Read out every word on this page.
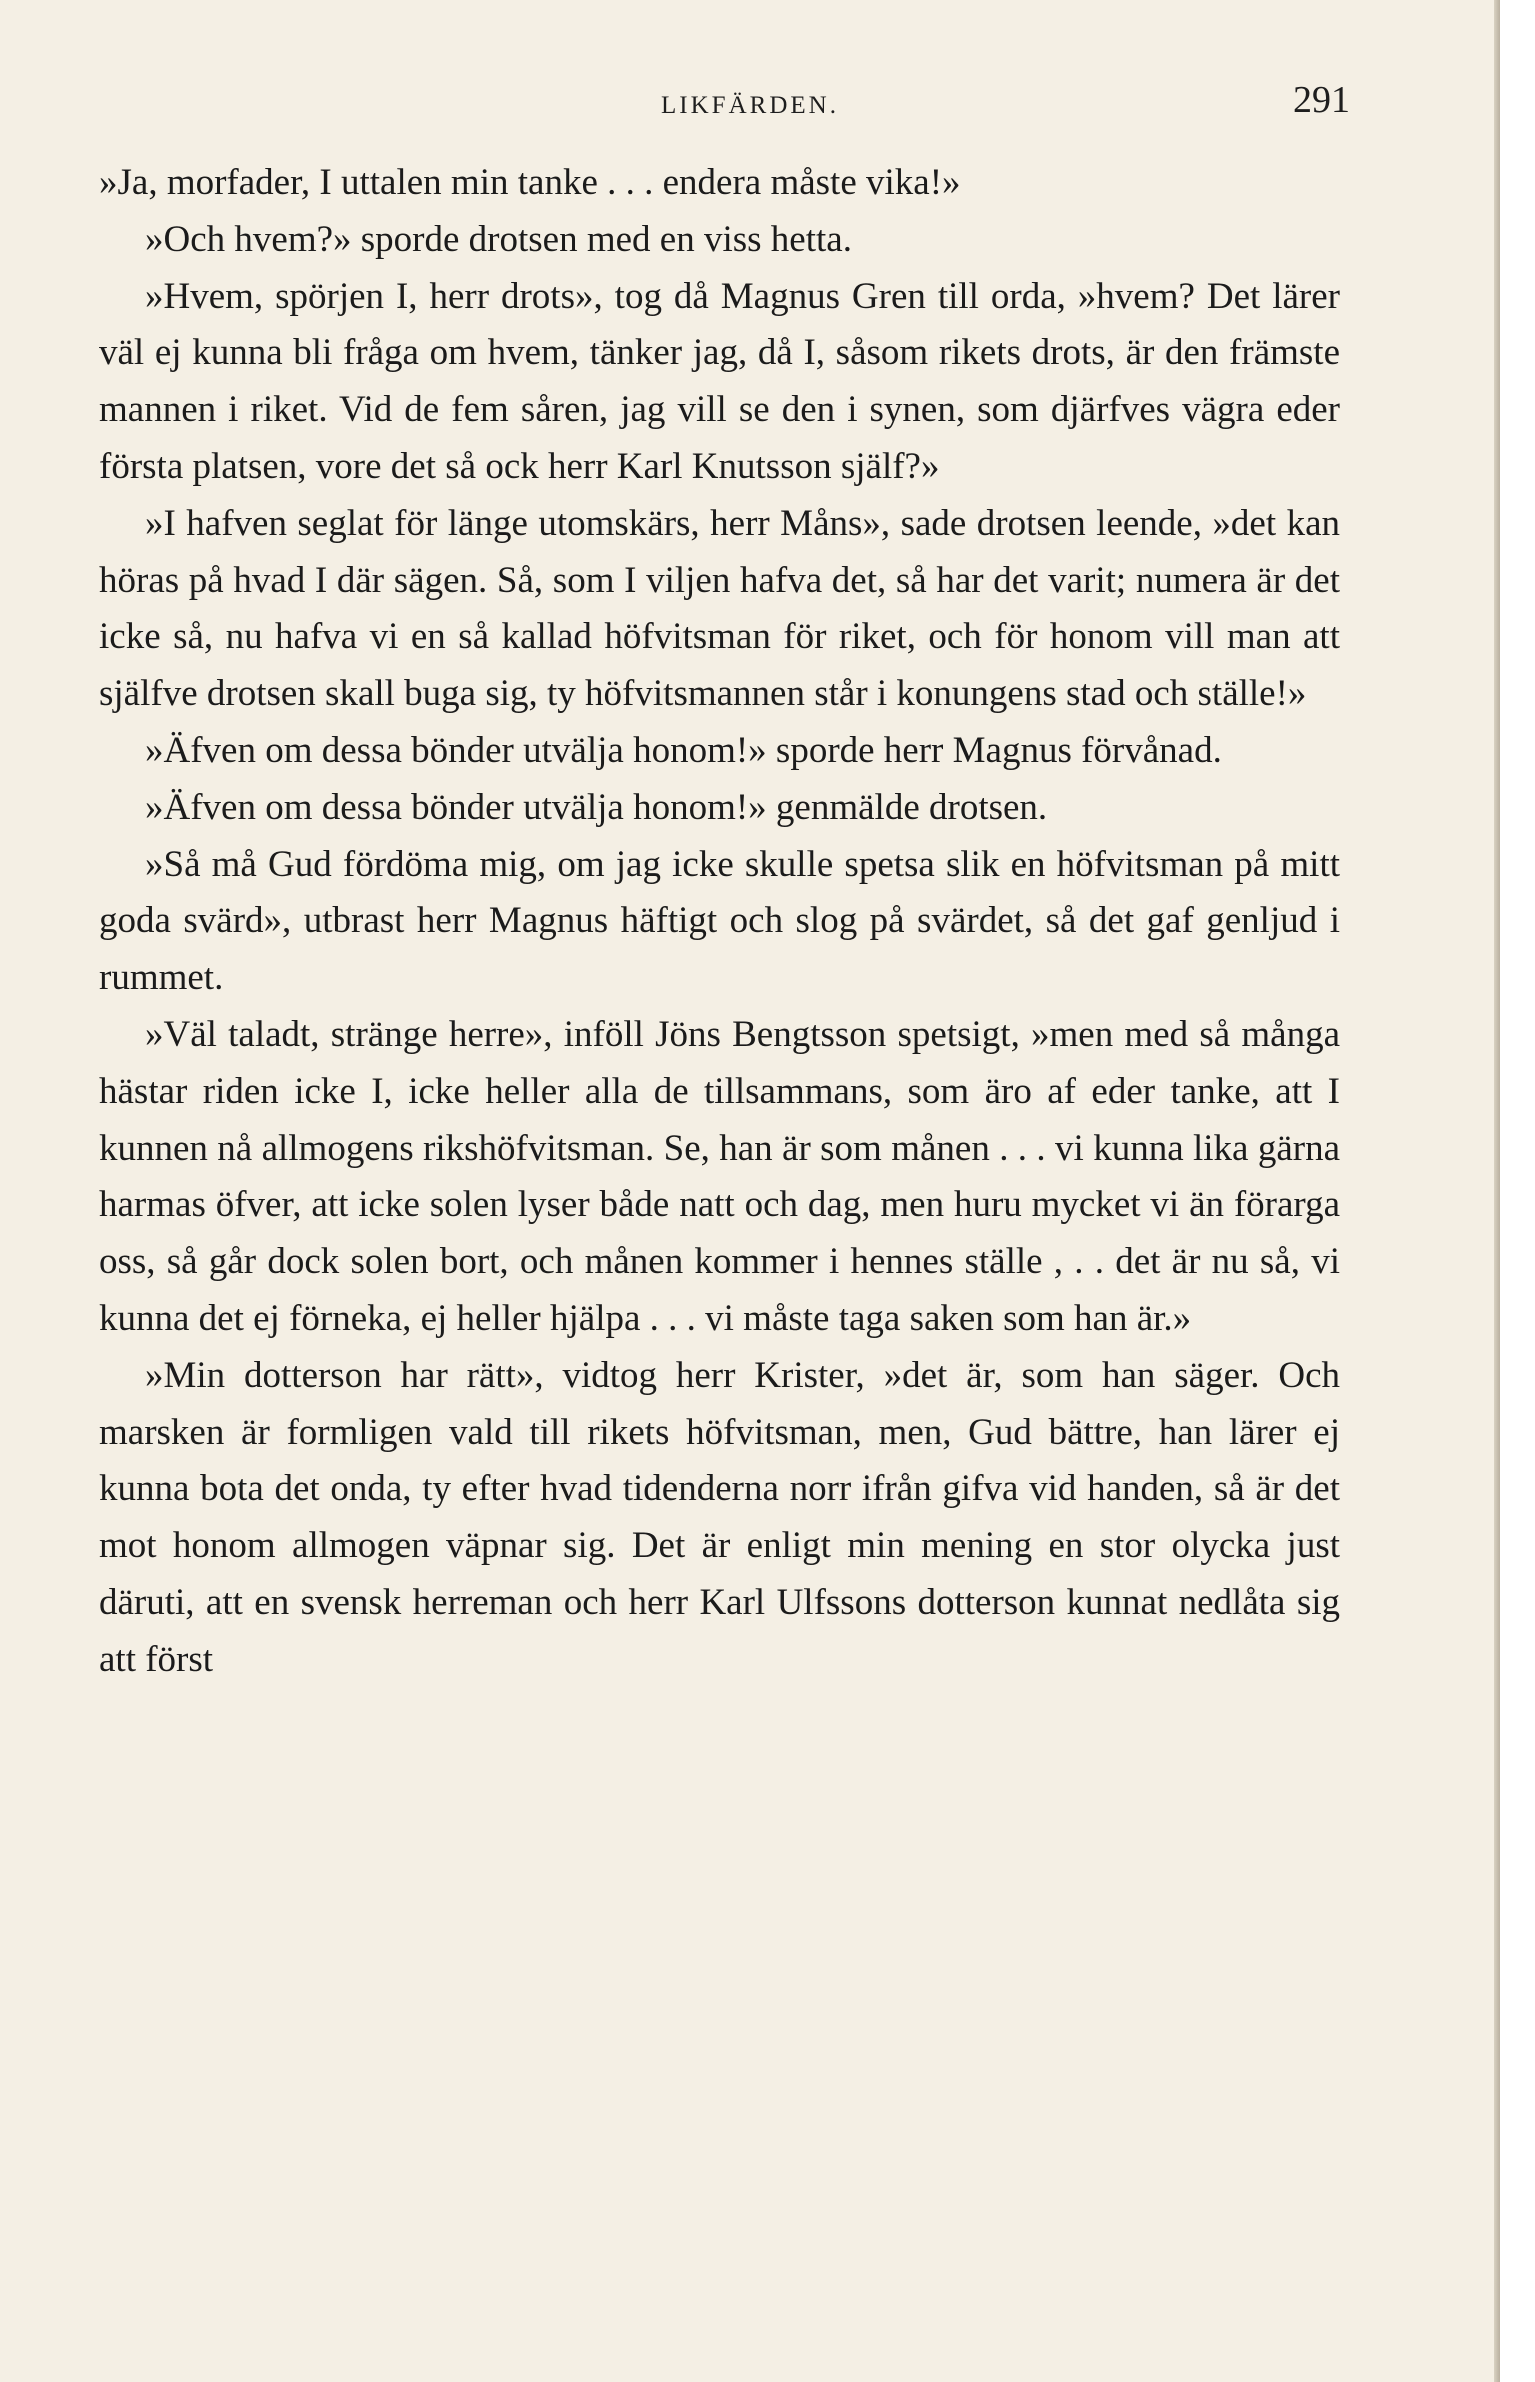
LIKFÄRDEN.	291

»Ja, morfader, I uttalen min tanke . . . endera måste vika!»

»Och hvem?» sporde drotsen med en viss hetta.

»Hvem, spörjen I, herr drots», tog då Magnus Gren till orda, »hvem? Det lärer väl ej kunna bli fråga om hvem, tänker jag, då I, såsom rikets drots, är den främste mannen i riket. Vid de fem såren, jag vill se den i synen, som djärfves vägra eder första platsen, vore det så ock herr Karl Knutsson själf?»

»I hafven seglat för länge utomskärs, herr Måns», sade drotsen leende, »det kan höras på hvad I där sägen. Så, som I viljen hafva det, så har det varit; numera är det icke så, nu hafva vi en så kallad höfvitsman för riket, och för honom vill man att själfve drotsen skall buga sig, ty höfvitsmannen står i konungens stad och ställe!»

»Äfven om dessa bönder utvälja honom!» sporde herr Magnus förvånad.

»Äfven om dessa bönder utvälja honom!» genmälde drotsen.

»Så må Gud fördöma mig, om jag icke skulle spetsa slik en höfvitsman på mitt goda svärd», utbrast herr Magnus häftigt och slog på svärdet, så det gaf genljud i rummet.

»Väl taladt, stränge herre», inföll Jöns Bengtsson spetsigt, »men med så många hästar riden icke I, icke heller alla de tillsammans, som äro af eder tanke, att I kunnen nå allmogens rikshöfvitsman. Se, han är som månen . . . vi kunna lika gärna harmas öfver, att icke solen lyser både natt och dag, men huru mycket vi än förarga oss, så går dock solen bort, och månen kommer i hennes ställe , . . det är nu så, vi kunna det ej förneka, ej heller hjälpa . . . vi måste taga saken som han är.»

»Min dotterson har rätt», vidtog herr Krister, »det är, som han säger. Och marsken är formligen vald till rikets höfvitsman, men, Gud bättre, han lärer ej kunna bota det onda, ty efter hvad tidenderna norr ifrån gifva vid handen, så är det mot honom allmogen väpnar sig. Det är enligt min mening en stor olycka just däruti, att en svensk herreman och herr Karl Ulfssons dotterson kunnat nedlåta sig att först
